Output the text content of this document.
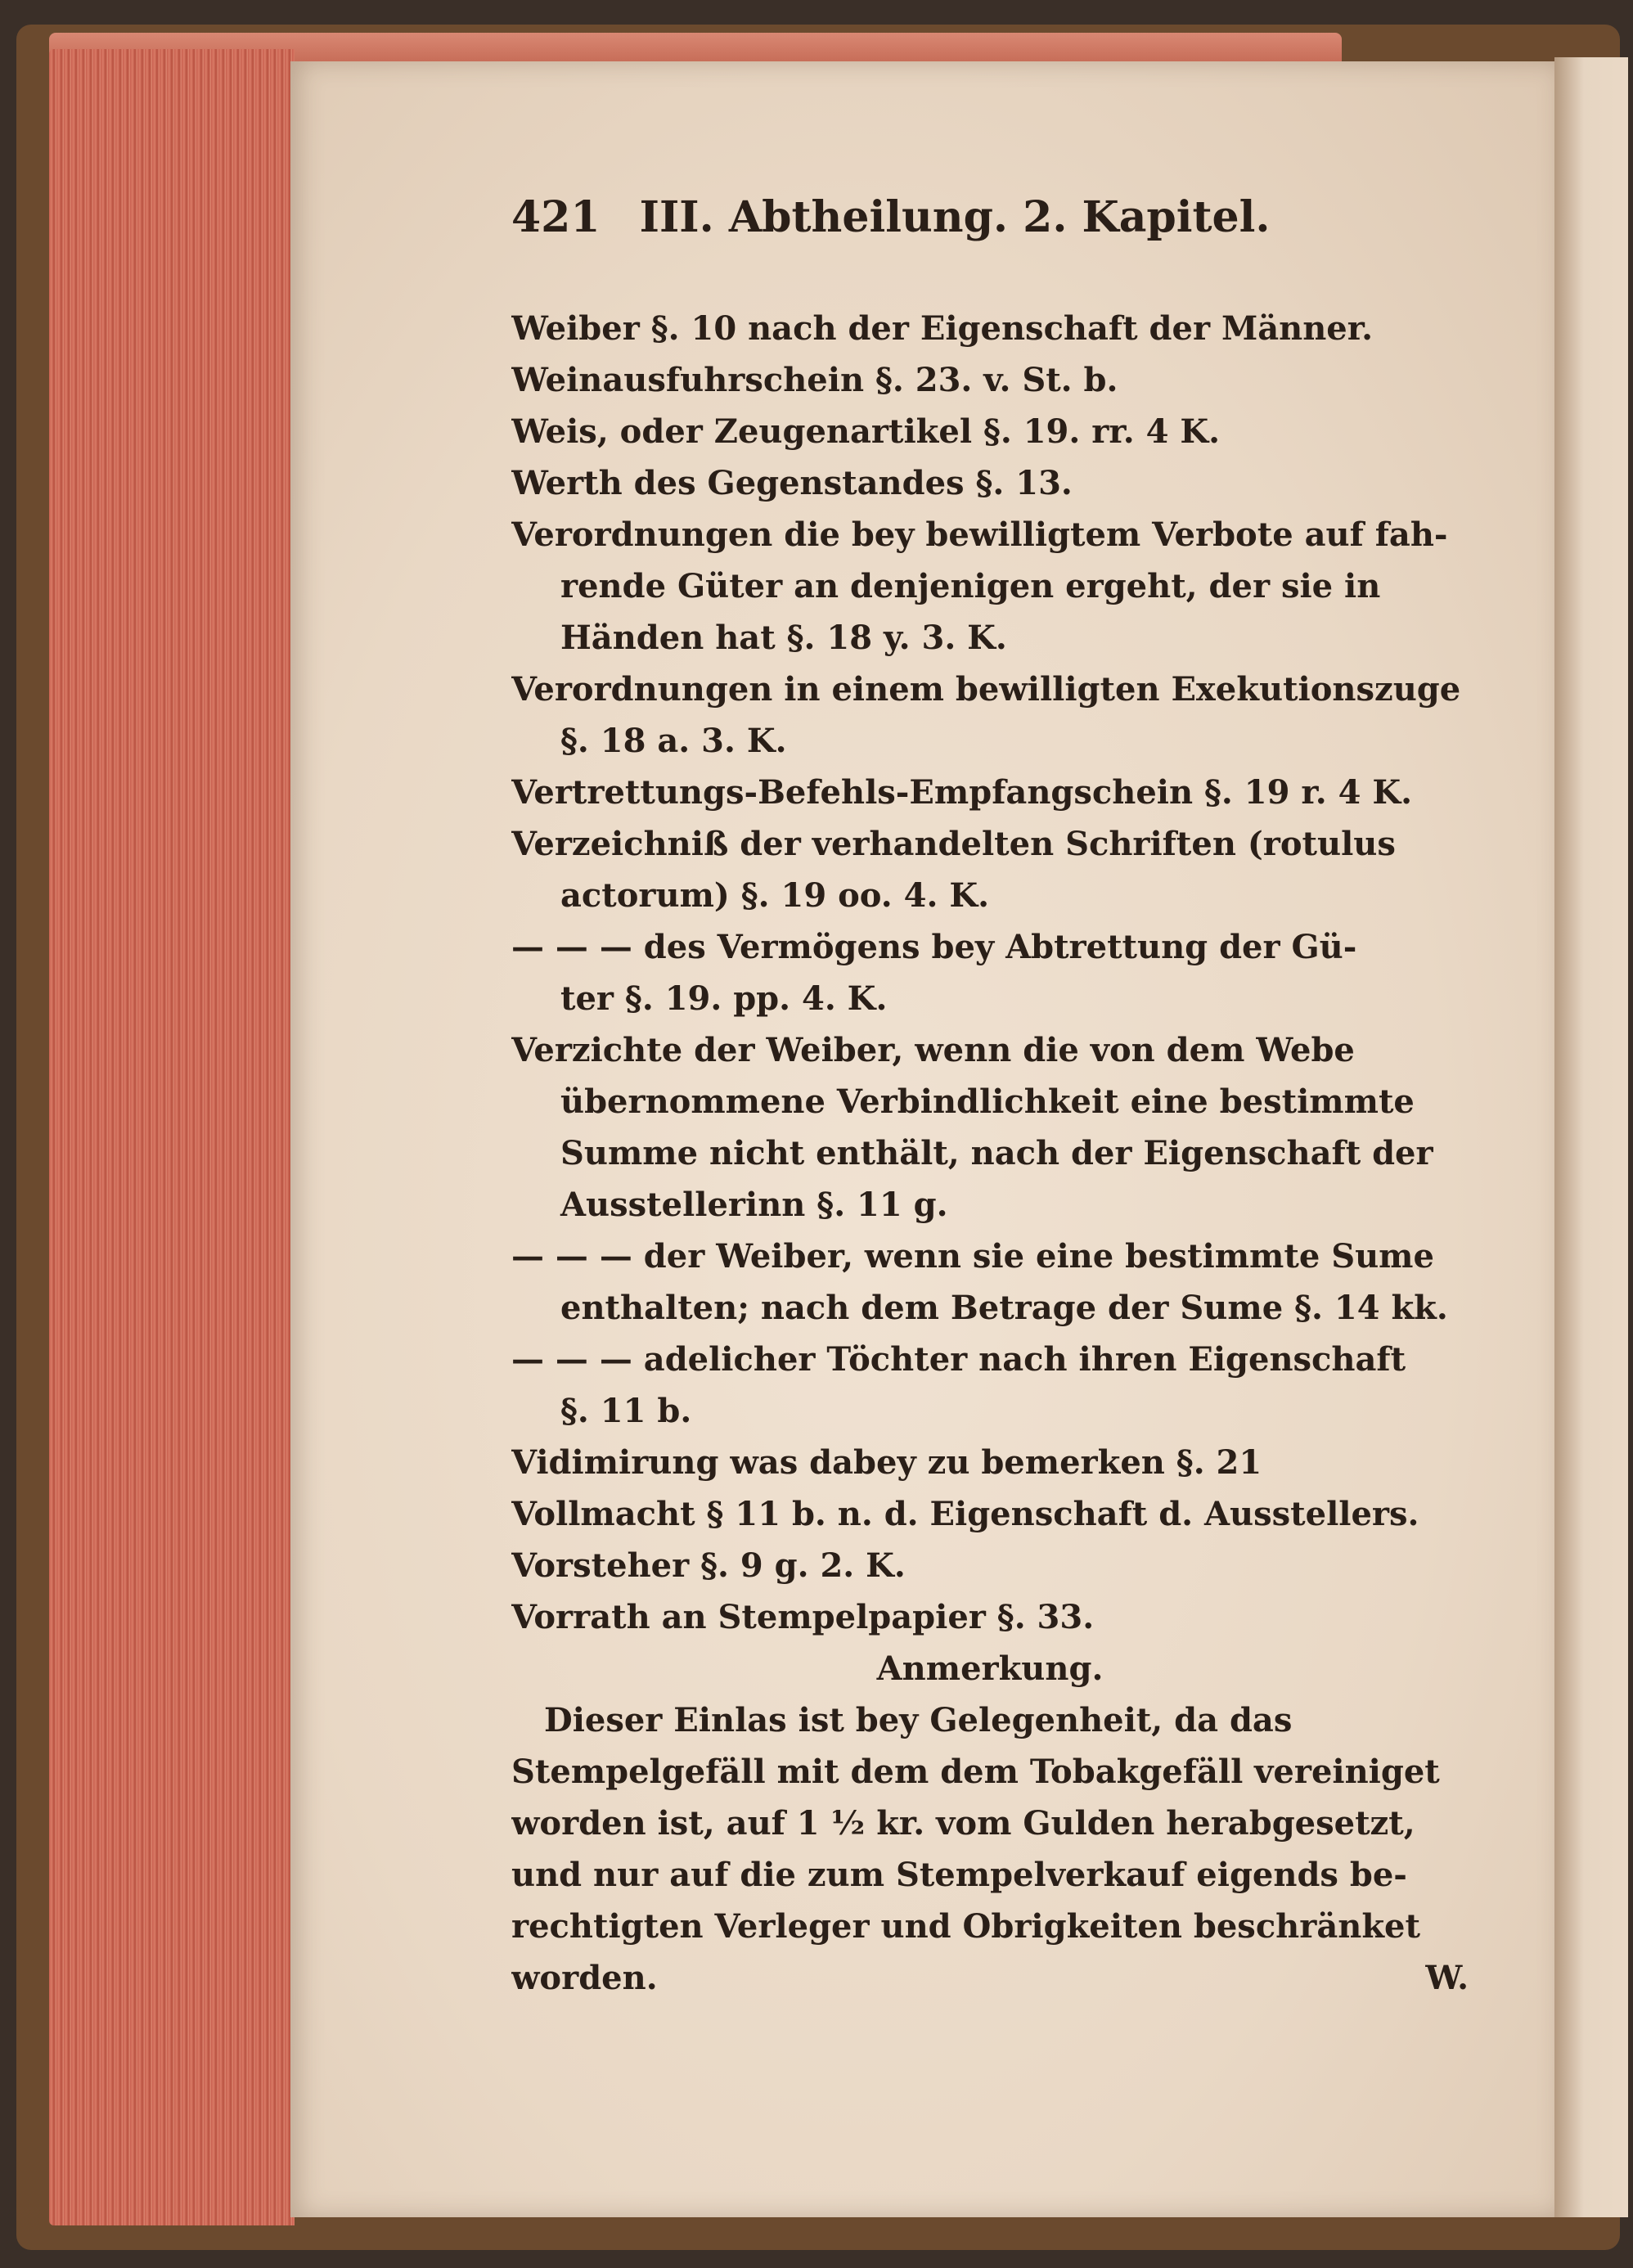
421 III. Abtheilung. 2. Kapitel.
Weiber §. 10 nach der Eigenschaft der Männer.
Weinausfuhrschein §. 23. v. St. b.
Weis, oder Zeugenartikel §. 19. rr. 4 K.
Werth des Gegenstandes §. 13.
Verordnungen die bey bewilligtem Verbote auf fah-
rende Güter an denjenigen ergeht, der sie in
Händen hat §. 18 y. 3. K.
Verordnungen in einem bewilligten Exekutionszuge
§. 18 a. 3. K.
Vertrettungs-Befehls-Empfangschein §. 19 r. 4 K.
Verzeichniß der verhandelten Schriften (rotulus
actorum) §. 19 oo. 4. K.
— — — des Vermögens bey Abtrettung der Gü-
ter §. 19. pp. 4. K.
Verzichte der Weiber, wenn die von dem Webe
übernommene Verbindlichkeit eine bestimmte
Summe nicht enthält, nach der Eigenschaft der
Ausstellerinn §. 11 g.
— — — der Weiber, wenn sie eine bestimmte Sumе
enthalten; nach dem Betrage der Sume §. 14 kk.
— — — adelicher Töchter nach ihren Eigenschaft
§. 11 b.
Vidimirung was dabey zu bemerken §. 21
Vollmacht § 11 b. n. d. Eigenschaft d. Ausstellers.
Vorsteher §. 9 g. 2. K.
Vorrath an Stempelpapier §. 33.
Anmerkung.
Dieser Einlas ist bey Gelegenheit, da das
Stempelgefäll mit dem dem Tobakgefäll vereiniget
worden ist, auf 1 ½ kr. vom Gulden herabgesetzt,
und nur auf die zum Stempelverkauf eigends be-
rechtigten Verleger und Obrigkeiten beschränket
worden.	W.
